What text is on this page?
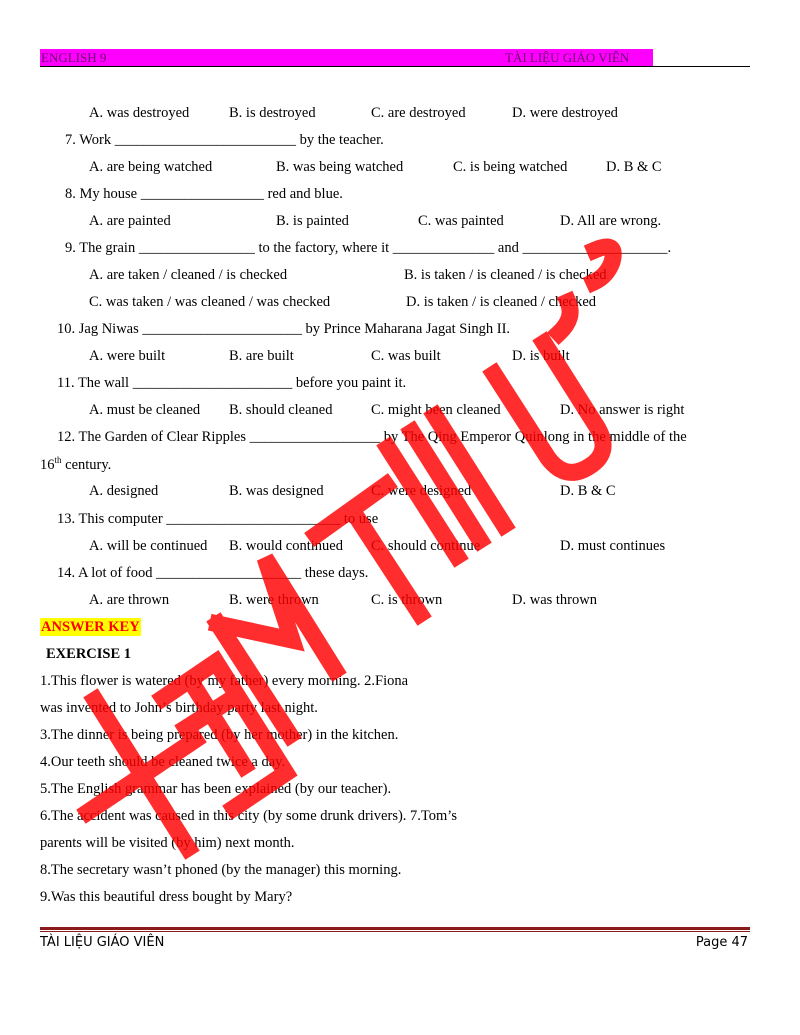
ENGLISH 9	TÀI LIỆU GIÁO VIÊN
A. was destroyed	B. is destroyed	C. are destroyed	D. were destroyed
7. Work _________________________ by the teacher.
A. are being watched	B. was being watched	C. is being watched	D. B & C
8. My house _________________ red and blue.
A. are painted	B. is painted	C. was painted	D. All are wrong.
9. The grain ________________ to the factory, where it ______________ and ____________________.
A. are taken / cleaned / is checked	B. is taken / is cleaned / is checked
C. was taken / was cleaned / was checked	D. is taken / is cleaned / checked
10. Jag Niwas ______________________ by Prince Maharana Jagat Singh II.
A. were built	B. are built	C. was built	D. is built
11. The wall ______________________ before you paint it.
A. must be cleaned B. should cleaned	C. might been cleaned	D. No answer is right
12. The Garden of Clear Ripples __________________ by The Qing Emperor Quinlong in the middle of the
16th century.
A. designed	B. was designed	C. were designed	D. B & C
13. This computer ________________________ to use
A. will be continued B. would continued C. should continue	D. must continues
14. A lot of food ____________________ these days.
A. are thrown	B. were thrown	C. is thrown	D. was thrown
ANSWER KEY
EXERCISE 1
1.This flower is watered (by my father) every morning. 2.Fiona
was invented to John’s birthday party last night.
3.The dinner is being prepared (by her mother) in the kitchen.
4.Our teeth should be cleaned twice a day.
5.The English grammar has been explained (by our teacher).
6.The accident was caused in this city (by some drunk drivers). 7.Tom’s
parents will be visited (by him) next month.
8.The secretary wasn’t phoned (by the manager) this morning.
9.Was this beautiful dress bought by Mary?
TÀI LIỆU GIÁO VIÊN	Page 47
